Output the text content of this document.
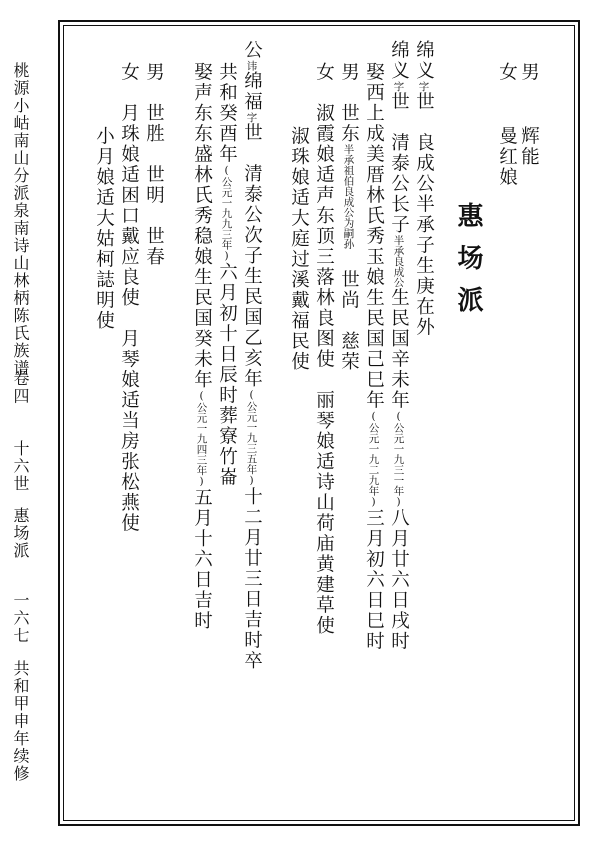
桃源小岵南山分派泉南诗山林柄陈氏族谱
卷四
十六世
惠场派
一六七
共和甲申年续修
惠场派
男
辉能
女
曼红娘
绵义字世　良成公半承子生庚在外
绵义字世　清泰公长子半承良成公生民国辛未年(公元一九三一年)八月廿六日戌时
娶西上成美厝林氏秀玉娘生民国己巳年(公元一九二九年)三月初六日巳时
男　世东半承祖伯良成公为嗣孙　世尚　慈荣
女　淑霞娘适声东顶三落林良图使　丽琴娘适诗山荷庙黄建草使
淑珠娘适大庭过溪戴福民使
公讳绵福字世　清泰公次子生民国乙亥年(公元一九三五年)十二月廿三日吉时卒
共和癸酉年(公元一九九三年)六月初十日辰时葬寮竹崙
娶声东东盛林氏秀稳娘生民国癸未年(公元一九四三年)五月十六日吉时
男　世胜　世明　世春
女　月珠娘适困口戴应良使　月琴娘适当房张松燕使
小月娘适大姑柯誌明使
